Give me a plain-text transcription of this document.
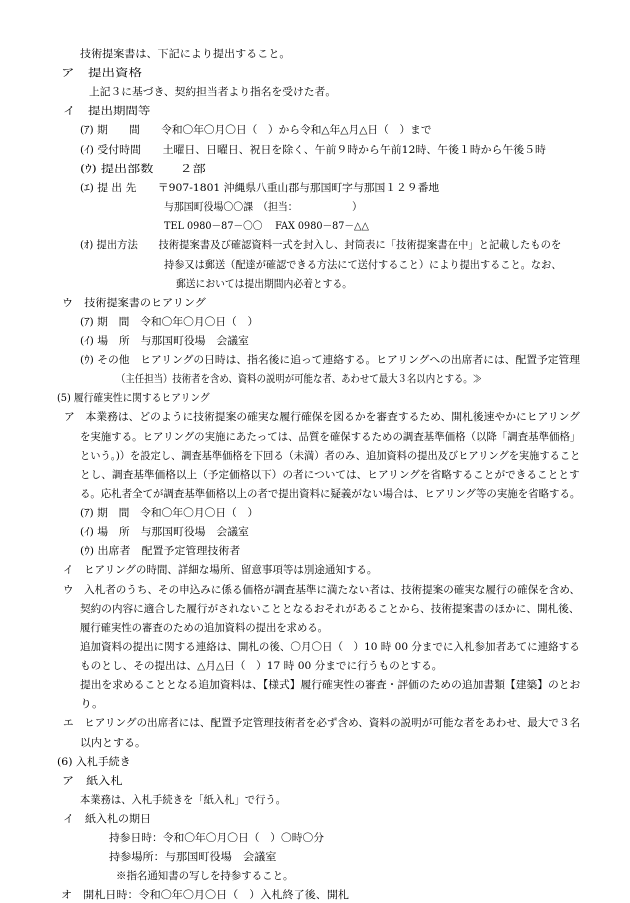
技術提案書は、下記により提出すること。
ア　提出資格
上記３に基づき、契約担当者より指名を受けた者。
イ　提出期間等
(ｱ) 期　　間　　令和〇年〇月〇日（　）から令和△年△月△日（　）まで
(ｲ) 受付時間　　土曜日、日曜日、祝日を除く、午前９時から午前12時、午後１時から午後５時
(ｳ) 提出部数　　２部
(ｴ) 提 出 先　　〒907-1801 沖縄県八重山郡与那国町字与那国１２９番地
与那国町役場〇〇課　（担当：　　　　　　）
TEL 0980－87－〇〇　 FAX 0980－87－△△
(ｵ) 提出方法　　技術提案書及び確認資料一式を封入し、封筒表に「技術提案書在中」と記載したものを
持参又は郵送（配達が確認できる方法にて送付すること）により提出すること。なお、
郵送においては提出期間内必着とする。
ウ　技術提案書のヒアリング
(ｱ) 期　間　令和〇年〇月〇日（　）
(ｲ) 場　所　与那国町役場　会議室
(ｳ) その他　ヒアリングの日時は、指名後に追って連絡する。ヒアリングへの出席者には、配置予定管理
（主任担当）技術者を含め、資料の説明が可能な者、あわせて最大３名以内とする。≫
(5) 履行確実性に関するヒアリング
ア　本業務は、どのように技術提案の確実な履行確保を図るかを審査するため、開札後速やかにヒアリング
を実施する。ヒアリングの実施にあたっては、品質を確保するための調査基準価格（以降「調査基準価格」
という。)）を設定し、調査基準価格を下回る（未満）者のみ、追加資料の提出及びヒアリングを実施すること
とし、調査基準価格以上（予定価格以下）の者については、ヒアリングを省略することができることとす
る。応札者全てが調査基準価格以上の者で提出資料に疑義がない場合は、ヒアリング等の実施を省略する。
(ｱ) 期　間　令和〇年〇月〇日（　）
(ｲ) 場　所　与那国町役場　会議室
(ｳ) 出席者　配置予定管理技術者
イ　ヒアリングの時間、詳細な場所、留意事項等は別途通知する。
ウ　入札者のうち、その申込みに係る価格が調査基準に満たない者は、技術提案の確実な履行の確保を含め、
契約の内容に適合した履行がされないこととなるおそれがあることから、技術提案書のほかに、開札後、
履行確実性の審査のための追加資料の提出を求める。
追加資料の提出に関する連絡は、開札の後、〇月〇日（　）10 時 00 分までに入札参加者あてに連絡する
ものとし、その提出は、△月△日（　）17 時 00 分までに行うものとする。
提出を求めることとなる追加資料は、【様式】履行確実性の審査・評価のための追加書類【建築】のとお
り。
エ　ヒアリングの出席者には、配置予定管理技術者を必ず含め、資料の説明が可能な者をあわせ、最大で３名
以内とする。
(6) 入札手続き
ア　紙入札
本業務は、入札手続きを「紙入札」で行う。
イ　紙入札の期日
持参日時：令和〇年〇月〇日（　）〇時〇分
持参場所：与那国町役場　会議室
※指名通知書の写しを持参すること。
オ　開札日時：令和〇年〇月〇日（　）入札終了後、開札
